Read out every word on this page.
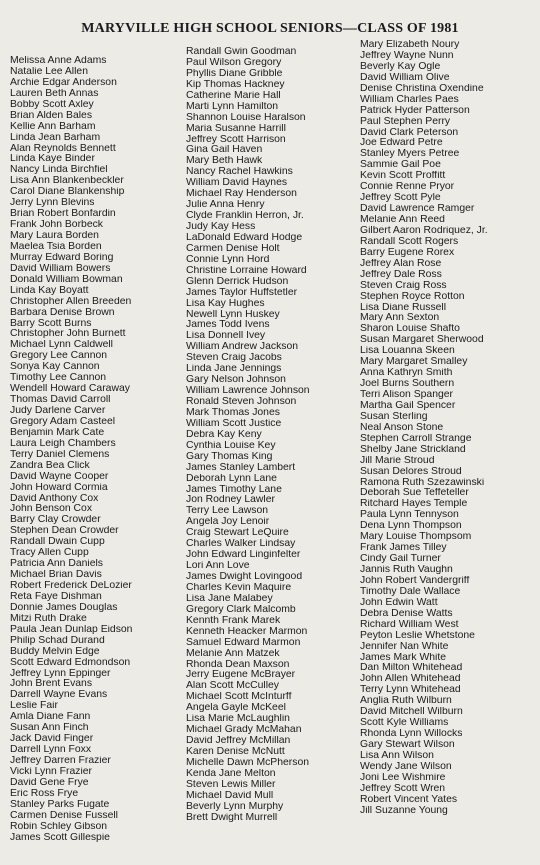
MARYVILLE HIGH SCHOOL SENIORS—CLASS OF 1981
Melissa Anne Adams
Natalie Lee Allen
Archie Edgar Anderson
Lauren Beth Annas
Bobby Scott Axley
Brian Alden Bales
Kellie Ann Barham
Linda Jean Barham
Alan Reynolds Bennett
Linda Kaye Binder
Nancy Linda Birchfiel
Lisa Ann Blankenbeckler
Carol Diane Blankenship
Jerry Lynn Blevins
Brian Robert Bonfardin
Frank John Borbeck
Mary Laura Borden
Maelea Tsia Borden
Murray Edward Boring
David William Bowers
Donald William Bowman
Linda Kay Boyatt
Christopher Allen Breeden
Barbara Denise Brown
Barry Scott Burns
Christopher John Burnett
Michael Lynn Caldwell
Gregory Lee Cannon
Sonya Kay Cannon
Timothy Lee Cannon
Wendell Howard Caraway
Thomas David Carroll
Judy Darlene Carver
Gregory Adam Casteel
Benjamin Mark Cate
Laura Leigh Chambers
Terry Daniel Clemens
Zandra Bea Click
David Wayne Cooper
John Howard Cormia
David Anthony Cox
John Benson Cox
Barry Clay Crowder
Stephen Dean Crowder
Randall Dwain Cupp
Tracy Allen Cupp
Patricia Ann Daniels
Michael Brian Davis
Robert Frederick DeLozier
Reta Faye Dishman
Donnie James Douglas
Mitzi Ruth Drake
Paula Jean Dunlap Eidson
Philip Schad Durand
Buddy Melvin Edge
Scott Edward Edmondson
Jeffrey Lynn Eppinger
John Brent Evans
Darrell Wayne Evans
Leslie Fair
Amla Diane Fann
Susan Ann Finch
Jack David Finger
Darrell Lynn Foxx
Jeffrey Darren Frazier
Vicki Lynn Frazier
David Gene Frye
Eric Ross Frye
Stanley Parks Fugate
Carmen Denise Fussell
Robin Schley Gibson
James Scott Gillespie
Randall Gwin Goodman
Paul Wilson Gregory
Phyllis Diane Gribble
Kip Thomas Hackney
Catherine Marie Hall
Marti Lynn Hamilton
Shannon Louise Haralson
Maria Susanne Harrill
Jeffrey Scott Harrison
Gina Gail Haven
Mary Beth Hawk
Nancy Rachel Hawkins
William David Haynes
Michael Ray Henderson
Julie Anna Henry
Clyde Franklin Herron, Jr.
Judy Kay Hess
LaDonald Edward Hodge
Carmen Denise Holt
Connie Lynn Hord
Christine Lorraine Howard
Glenn Derrick Hudson
James Taylor Huffstetler
Lisa Kay Hughes
Newell Lynn Huskey
James Todd Ivens
Lisa Donnell Ivey
William Andrew Jackson
Steven Craig Jacobs
Linda Jane Jennings
Gary Nelson Johnson
William Lawrence Johnson
Ronald Steven Johnson
Mark Thomas Jones
William Scott Justice
Debra Kay Keny
Cynthia Louise Key
Gary Thomas King
James Stanley Lambert
Deborah Lynn Lane
James Timothy Lane
Jon Rodney Lawler
Terry Lee Lawson
Angela Joy Lenoir
Craig Stewart LeQuire
Charles Walker Lindsay
John Edward Linginfelter
Lori Ann Love
James Dwight Lovingood
Charles Kevin Maquire
Lisa Jane Malabey
Gregory Clark Malcomb
Kennth Frank Marek
Kenneth Heacker Marmon
Samuel Edward Marmon
Melanie Ann Matzek
Rhonda Dean Maxson
Jerry Eugene McBrayer
Alan Scott McCulley
Michael Scott McInturff
Angela Gayle McKeel
Lisa Marie McLaughlin
Michael Grady McMahan
David Jeffrey McMillan
Karen Denise McNutt
Michelle Dawn McPherson
Kenda Jane Melton
Steven Lewis Miller
Michael David Mull
Beverly Lynn Murphy
Brett Dwight Murrell
Mary Elizabeth Noury
Jeffrey Wayne Nunn
Beverly Kay Ogle
David William Olive
Denise Christina Oxendine
William Charles Paes
Patrick Hyder Patterson
Paul Stephen Perry
David Clark Peterson
Joe Edward Petre
Stanley Myers Petree
Sammie Gail Poe
Kevin Scott Proffitt
Connie Renne Pryor
Jeffrey Scott Pyle
David Lawrence Ramger
Melanie Ann Reed
Gilbert Aaron Rodriquez, Jr.
Randall Scott Rogers
Barry Eugene Rorex
Jeffrey Alan Rose
Jeffrey Dale Ross
Steven Craig Ross
Stephen Royce Rotton
Lisa Diane Russell
Mary Ann Sexton
Sharon Louise Shafto
Susan Margaret Sherwood
Lisa Louanna Skeen
Mary Margaret Smalley
Anna Kathryn Smith
Joel Burns Southern
Terri Alison Spanger
Martha Gail Spencer
Susan Sterling
Neal Anson Stone
Stephen Carroll Strange
Shelby Jane Strickland
Jill Marie Stroud
Susan Delores Stroud
Ramona Ruth Szezawinski
Deborah Sue Teffeteller
Ritchard Hayes Temple
Paula Lynn Tennyson
Dena Lynn Thompson
Mary Louise Thompsom
Frank James Tilley
Cindy Gail Turner
Jannis Ruth Vaughn
John Robert Vandergriff
Timothy Dale Wallace
John Edwin Watt
Debra Denise Watts
Richard William West
Peyton Leslie Whetstone
Jennifer Nan White
James Mark White
Dan Milton Whitehead
John Allen Whitehead
Terry Lynn Whitehead
Anglia Ruth Wilburn
David Mitchell Wilburn
Scott Kyle Williams
Rhonda Lynn Willocks
Gary Stewart Wilson
Lisa Ann Wilson
Wendy Jane Wilson
Joni Lee Wishmire
Jeffrey Scott Wren
Robert Vincent Yates
Jill Suzanne Young
